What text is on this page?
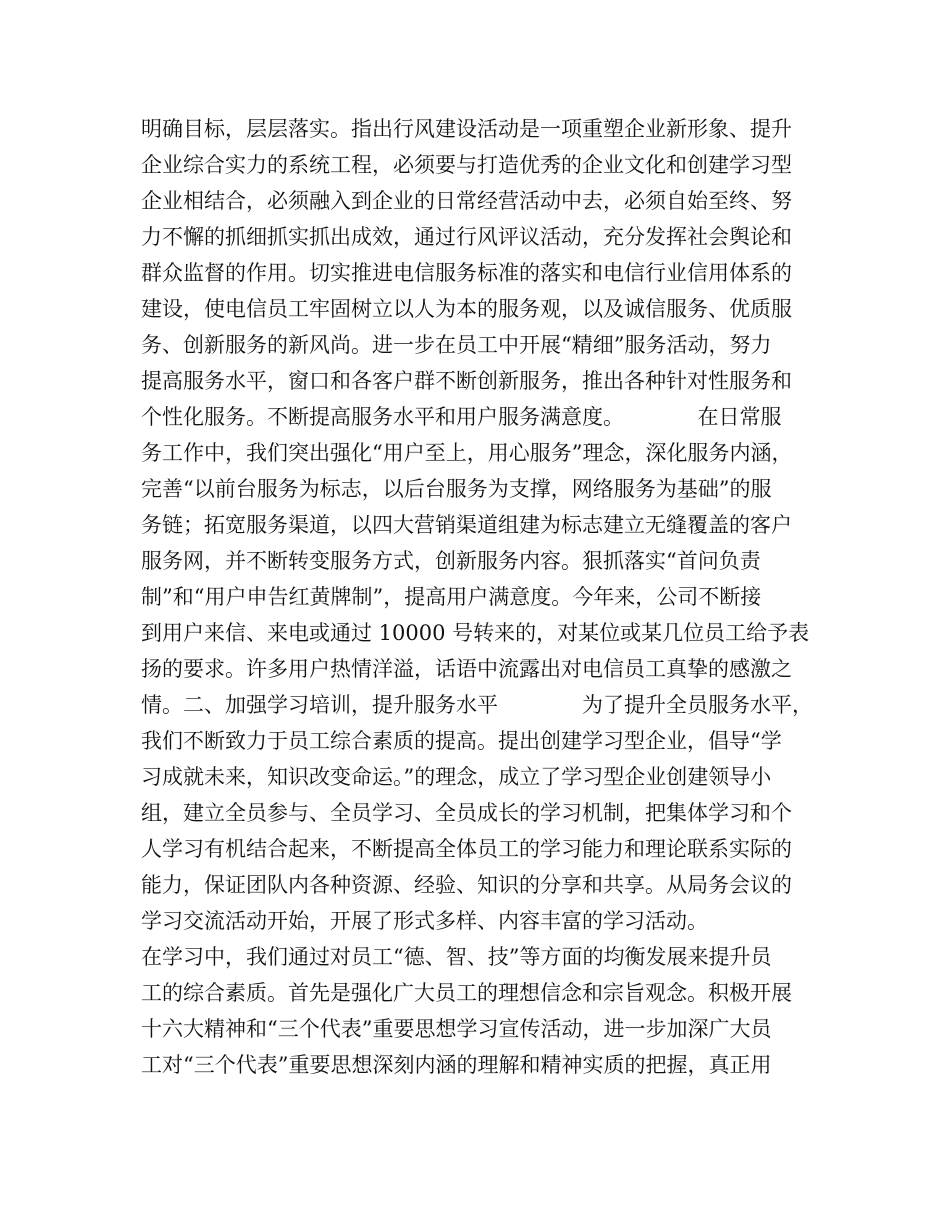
明确目标，层层落实。指出行风建设活动是一项重塑企业新形象、提升
企业综合实力的系统工程，必须要与打造优秀的企业文化和创建学习型
企业相结合，必须融入到企业的日常经营活动中去，必须自始至终、努
力不懈的抓细抓实抓出成效，通过行风评议活动，充分发挥社会舆论和
群众监督的作用。切实推进电信服务标准的落实和电信行业信用体系的
建设，使电信员工牢固树立以人为本的服务观，以及诚信服务、优质服
务、创新服务的新风尚。进一步在员工中开展“精细”服务活动，努力
提高服务水平，窗口和各客户群不断创新服务，推出各种针对性服务和
个性化服务。不断提高服务水平和用户服务满意度。　　　　在日常服
务工作中，我们突出强化“用户至上，用心服务”理念，深化服务内涵，
完善“以前台服务为标志，以后台服务为支撑，网络服务为基础”的服
务链；拓宽服务渠道，以四大营销渠道组建为标志建立无缝覆盖的客户
服务网，并不断转变服务方式，创新服务内容。狠抓落实“首问负责
制”和“用户申告红黄牌制”，提高用户满意度。今年来，公司不断接
到用户来信、来电或通过 10000 号转来的，对某位或某几位员工给予表
扬的要求。许多用户热情洋溢，话语中流露出对电信员工真挚的感激之
情。二、加强学习培训，提升服务水平　　　　为了提升全员服务水平，
我们不断致力于员工综合素质的提高。提出创建学习型企业，倡导“学
习成就未来，知识改变命运。”的理念，成立了学习型企业创建领导小
组，建立全员参与、全员学习、全员成长的学习机制，把集体学习和个
人学习有机结合起来，不断提高全体员工的学习能力和理论联系实际的
能力，保证团队内各种资源、经验、知识的分享和共享。从局务会议的
学习交流活动开始，开展了形式多样、内容丰富的学习活动。
在学习中，我们通过对员工“德、智、技”等方面的均衡发展来提升员
工的综合素质。首先是强化广大员工的理想信念和宗旨观念。积极开展
十六大精神和“三个代表”重要思想学习宣传活动，进一步加深广大员
工对“三个代表”重要思想深刻内涵的理解和精神实质的把握，真正用
